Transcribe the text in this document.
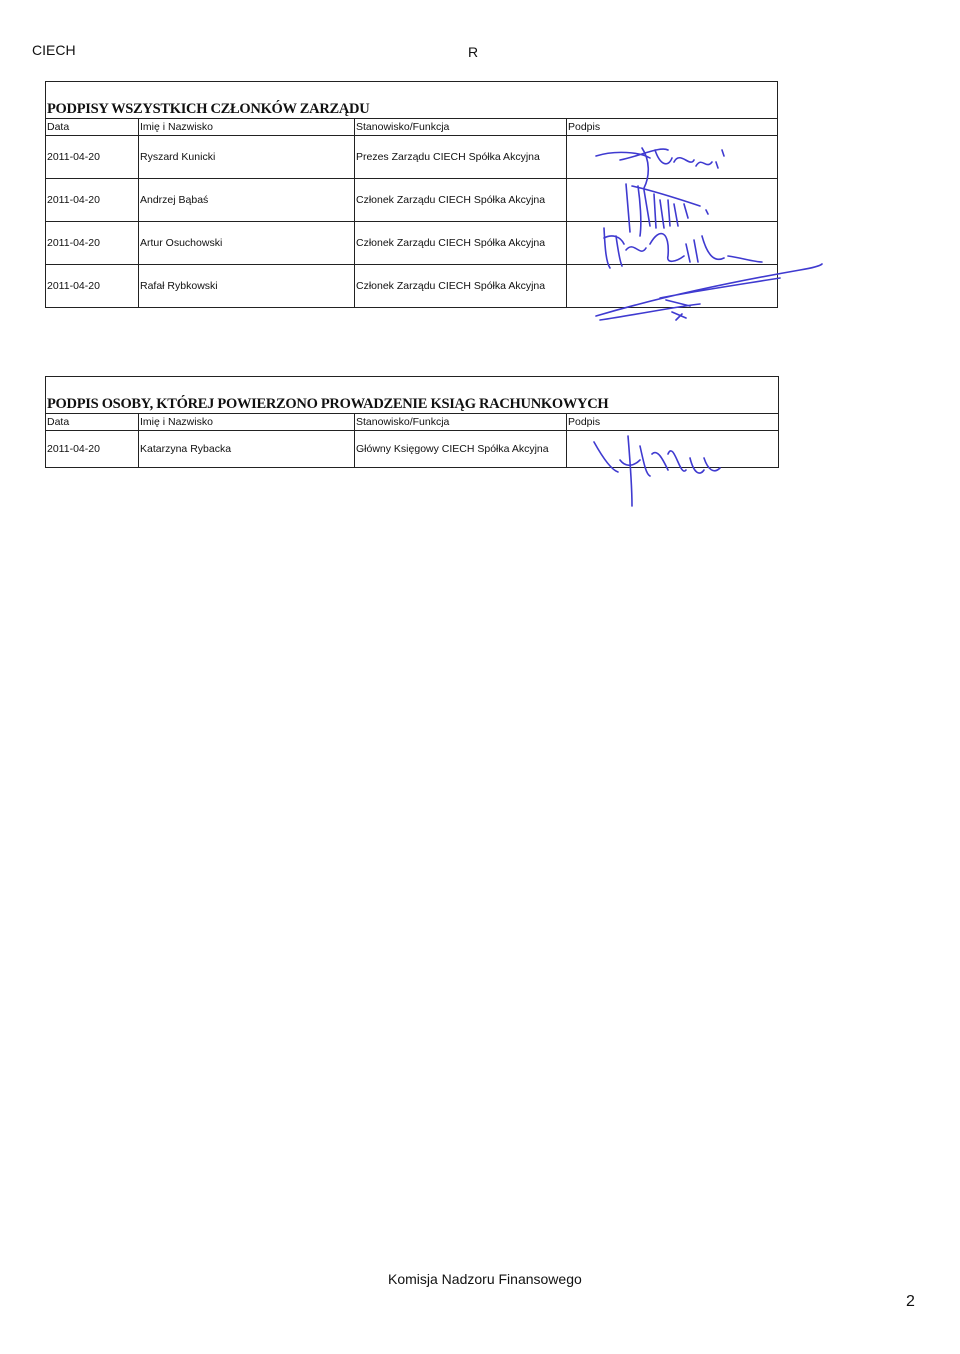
CIECH	R
PODPISY WSZYSTKICH CZŁONKÓW ZARZĄDU			
Data	Imię i Nazwisko	Stanowisko/Funkcja	Podpis
2011-04-20	Ryszard Kunicki	Prezes Zarządu CIECH Spółka Akcyjna	
2011-04-20	Andrzej Bąbaś	Członek Zarządu CIECH Spółka Akcyjna	
2011-04-20	Artur Osuchowski	Członek Zarządu CIECH Spółka Akcyjna	
2011-04-20	Rafał Rybkowski	Członek Zarządu CIECH Spółka Akcyjna	
PODPIS OSOBY, KTÓREJ POWIERZONO PROWADZENIE KSIĄG RACHUNKOWYCH			
Data	Imię i Nazwisko	Stanowisko/Funkcja	Podpis
2011-04-20	Katarzyna Rybacka	Główny Księgowy CIECH Spółka Akcyjna	
Komisja Nadzoru Finansowego
2
